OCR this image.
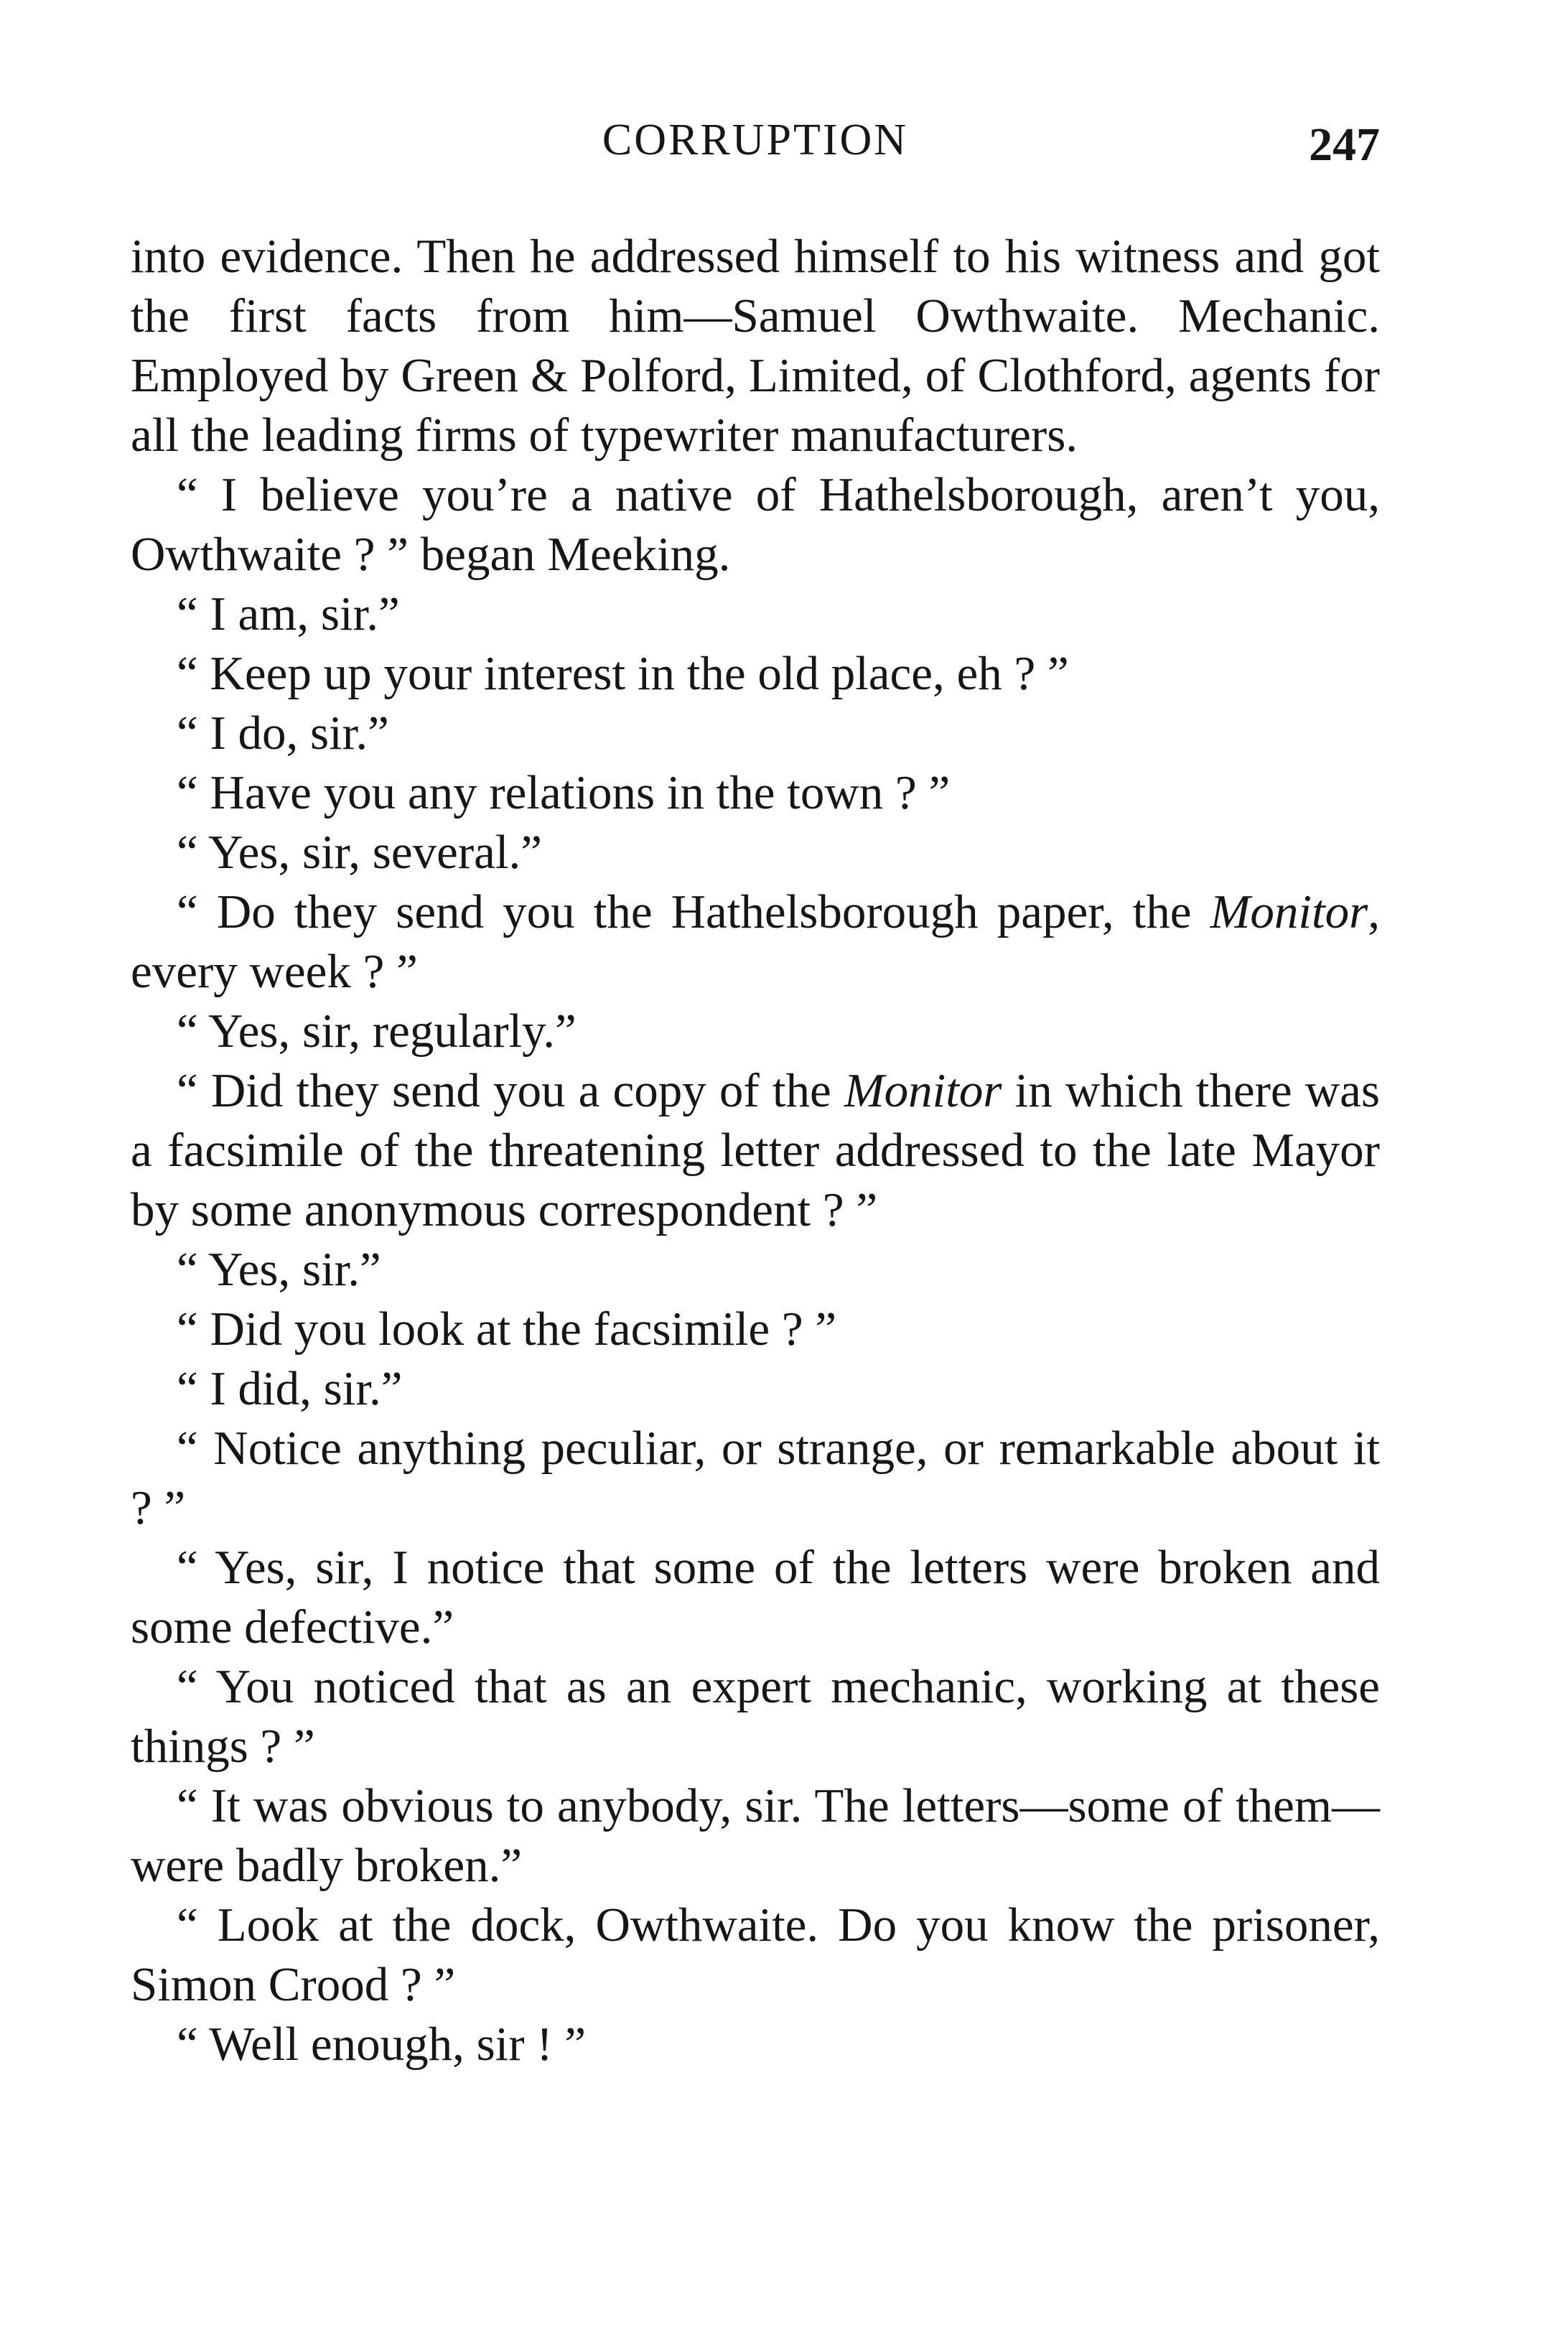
CORRUPTION	247

into evidence. Then he addressed himself to his witness and got the first facts from him—Samuel Owthwaite. Mechanic. Employed by Green & Polford, Limited, of Clothford, agents for all the leading firms of typewriter manufacturers.

“ I believe you’re a native of Hathelsborough, aren’t you, Owthwaite ? ” began Meeking.

“ I am, sir.”

“ Keep up your interest in the old place, eh ? ”

“ I do, sir.”

“ Have you any relations in the town ? ”

“ Yes, sir, several.”

“ Do they send you the Hathelsborough paper, the Monitor, every week ? ”

“ Yes, sir, regularly.”

“ Did they send you a copy of the Monitor in which there was a facsimile of the threatening letter addressed to the late Mayor by some anonymous correspondent ? ”

“ Yes, sir.”

“ Did you look at the facsimile ? ”

“ I did, sir.”

“ Notice anything peculiar, or strange, or remarkable about it ? ”

“ Yes, sir, I notice that some of the letters were broken and some defective.”

“ You noticed that as an expert mechanic, working at these things ? ”

“ It was obvious to anybody, sir. The letters—some of them—were badly broken.”

“ Look at the dock, Owthwaite. Do you know the prisoner, Simon Crood ? ”

“ Well enough, sir ! ”
